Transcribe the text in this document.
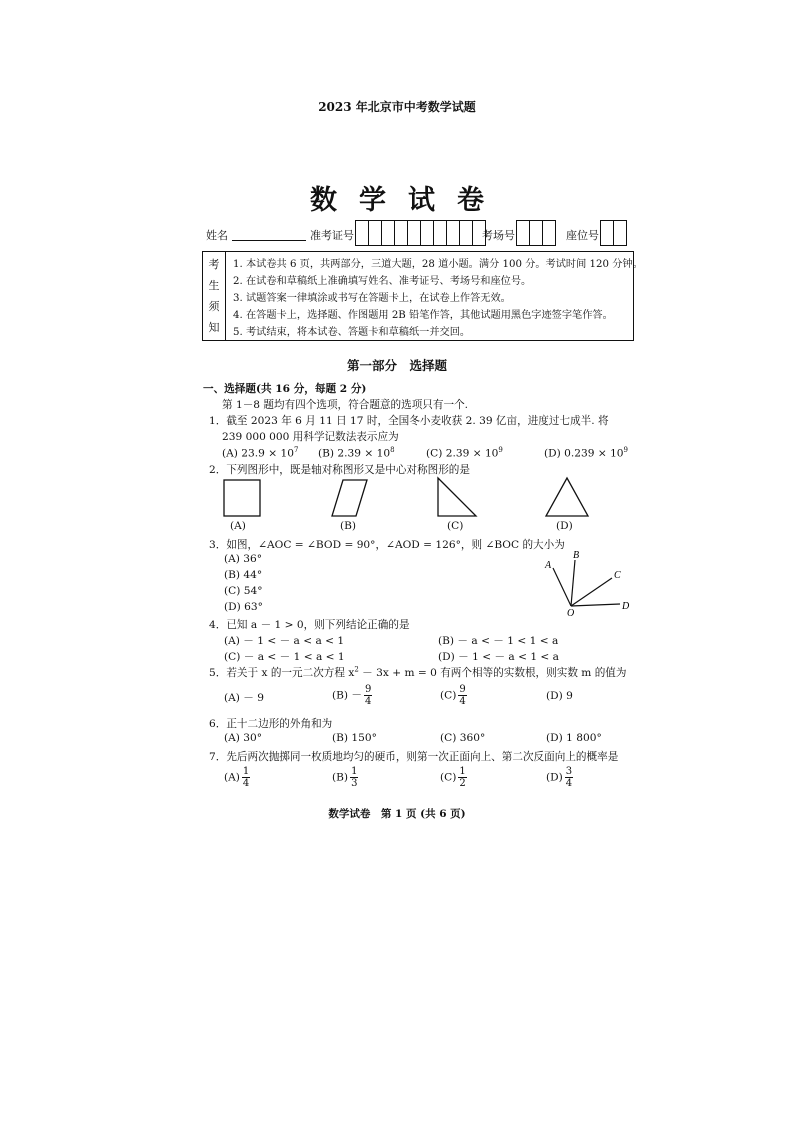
2023 年北京市中考数学试题
数学试卷
姓名	准考证号	考场号	座位号
考
生
须
知
1. 本试卷共 6 页，共两部分，三道大题，28 道小题。满分 100 分。考试时间 120 分钟。
2. 在试卷和草稿纸上准确填写姓名、准考证号、考场号和座位号。
3. 试题答案一律填涂或书写在答题卡上，在试卷上作答无效。
4. 在答题卡上，选择题、作图题用 2B 铅笔作答，其他试题用黑色字迹签字笔作答。
5. 考试结束，将本试卷、答题卡和草稿纸一并交回。
第一部分　选择题
一、选择题(共 16 分，每题 2 分)
第 1－8 题均有四个选项，符合题意的选项只有一个.
1．截至 2023 年 6 月 11 日 17 时，全国冬小麦收获 2. 39 亿亩，进度过七成半. 将
239 000 000 用科学记数法表示应为
(A) $23.9 \times 10^7$ (B) $2.39 \times 10^8$	(C) $2.39 \times 10^9$	(D) $0.239 \times 10^9$
2．下列图形中，既是轴对称图形又是中心对称图形的是
(A)	(B)	(C)	(D)
3．如图，∠AOC = ∠BOD = 90°，∠AOD = 126°，则 ∠BOC 的大小为
(A) 36°
(B) 44°
(C) 54°
(D) 63°
A
B
C
O
D
4．已知 a － 1 > 0，则下列结论正确的是
(A) － 1 < － a < a < 1	(B) － a < － 1 < 1 < a
(C) － a < － 1 < a < 1	(D) － 1 < － a < 1 < a
5．若关于 x 的一元二次方程 $x^2 - 3x + m = 0$ 有两个相等的实数根，则实数 m 的值为
(A) － 9	$(B) - \frac{9}{4}$	$(C) \frac{9}{4}$	(D) 9
6．正十二边形的外角和为
(A) 30°	(B) 150°	(C) 360°	(D) 1 800°
7．先后两次抛掷同一枚质地均匀的硬币，则第一次正面向上、第二次反面向上的概率是
$(A) \frac{1}{4}$	$(B) \frac{1}{3}$	$(C) \frac{1}{2}$	$(D) \frac{3}{4}$
数学试卷　第 1 页 (共 6 页)
